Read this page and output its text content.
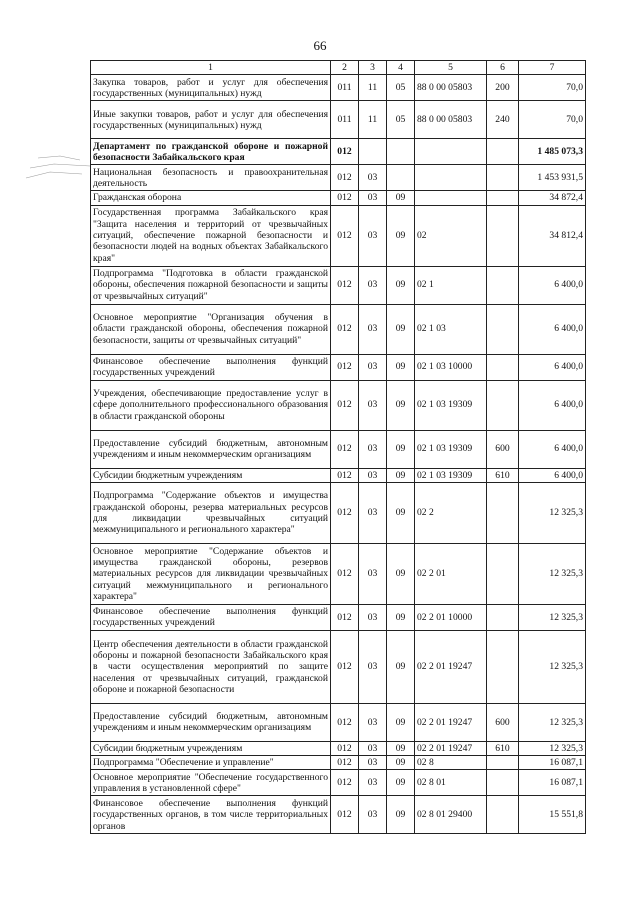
66
1	2	3	4	5	6	7
Закупка товаров, работ и услуг для обеспечения государственных (муниципальных) нужд	011	11	05	88 0 00 05803	200	70,0
Иные закупки товаров, работ и услуг для обеспечения государственных (муниципальных) нужд	011	11	05	88 0 00 05803	240	70,0
Департамент по гражданской обороне и пожарной безопасности Забайкальского края	012					1 485 073,3
Национальная безопасность и правоохранительная деятельность	012	03				1 453 931,5
Гражданская оборона	012	03	09			34 872,4
Государственная программа Забайкальского края "Защита населения и территорий от чрезвычайных ситуаций, обеспечение пожарной безопасности и безопасности людей на водных объектах Забайкальского края"	012	03	09	02		34 812,4
Подпрограмма "Подготовка в области гражданской обороны, обеспечения пожарной безопасности и защиты от чрезвычайных ситуаций"	012	03	09	02 1		6 400,0
Основное мероприятие "Организация обучения в области гражданской обороны, обеспечения пожарной безопасности, защиты от чрезвычайных ситуаций"	012	03	09	02 1 03		6 400,0
Финансовое обеспечение выполнения функций государственных учреждений	012	03	09	02 1 03 10000		6 400,0
Учреждения, обеспечивающие предоставление услуг в сфере дополнительного профессионального образования в области гражданской обороны	012	03	09	02 1 03 19309		6 400,0
Предоставление субсидий бюджетным, автономным учреждениям и иным некоммерческим организациям	012	03	09	02 1 03 19309	600	6 400,0
Субсидии бюджетным учреждениям	012	03	09	02 1 03 19309	610	6 400,0
Подпрограмма "Содержание объектов и имущества гражданской обороны, резерва материальных ресурсов для ликвидации чрезвычайных ситуаций межмуниципального и регионального характера"	012	03	09	02 2		12 325,3
Основное мероприятие "Содержание объектов и имущества гражданской обороны, резервов материальных ресурсов для ликвидации чрезвычайных ситуаций межмуниципального и регионального характера"	012	03	09	02 2 01		12 325,3
Финансовое обеспечение выполнения функций государственных учреждений	012	03	09	02 2 01 10000		12 325,3
Центр обеспечения деятельности в области гражданской обороны и пожарной безопасности Забайкальского края в части осуществления мероприятий по защите населения от чрезвычайных ситуаций, гражданской обороне и пожарной безопасности	012	03	09	02 2 01 19247		12 325,3
Предоставление субсидий бюджетным, автономным учреждениям и иным некоммерческим организациям	012	03	09	02 2 01 19247	600	12 325,3
Субсидии бюджетным учреждениям	012	03	09	02 2 01 19247	610	12 325,3
Подпрограмма "Обеспечение и управление"	012	03	09	02 8		16 087,1
Основное мероприятие "Обеспечение государственного управления в установленной сфере"	012	03	09	02 8 01		16 087,1
Финансовое обеспечение выполнения функций государственных органов, в том числе территориальных органов	012	03	09	02 8 01 29400		15 551,8
